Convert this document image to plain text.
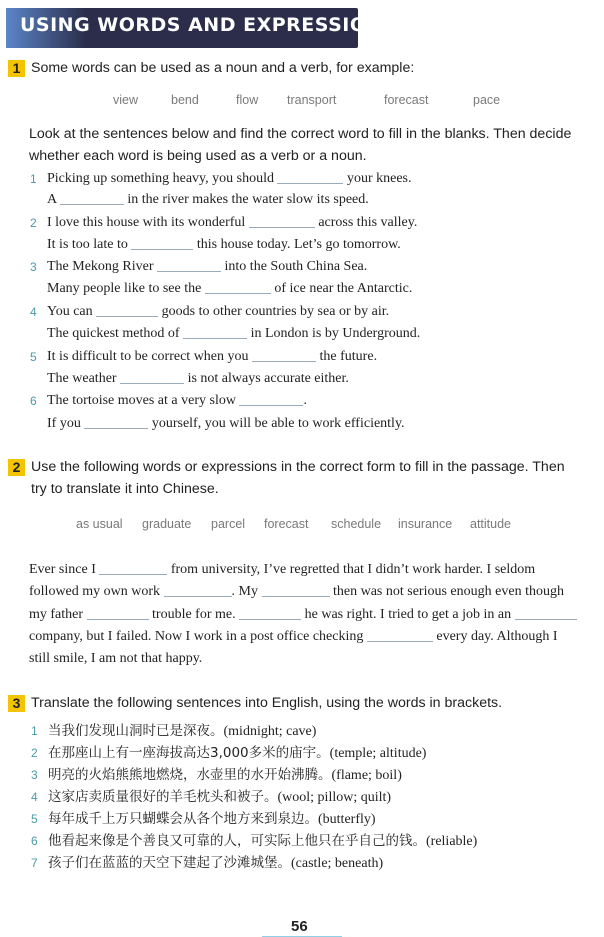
USING WORDS AND EXPRESSIONS
1 Some words can be used as a noun and a verb, for example:
view	bend	flow transport	forecast	pace
Look at the sentences below and find the correct word to fill in the blanks. Then decide
whether each word is being used as a verb or a noun.
1 Picking up something heavy, you should	your knees.
A	in the river makes the water slow its speed.
2 I love this house with its wonderful	across this valley.
It is too late to	this house today. Let’s go tomorrow.
3 The Mekong River	into the South China Sea.
Many people like to see the	of ice near the Antarctic.
4 You can	goods to other countries by sea or by air.
The quickest method of	in London is by Underground.
5 It is difficult to be correct when you	the future.
The weather	is not always accurate either.
6 The tortoise moves at a very slow	.
If you	yourself, you will be able to work efficiently.
2 Use the following words or expressions in the correct form to fill in the passage. Then
try to translate it into Chinese.
as usual graduate parcel forecast schedule insurance attitude
Ever since I	from university, I’ve regretted that I didn’t work harder. I seldom
followed my own work	. My	then was not serious enough even though
my father	trouble for me.	he was right. I tried to get a job in an
company, but I failed. Now I work in a post office checking	every day. Although I
still smile, I am not that happy.
3 Translate the following sentences into English, using the words in brackets.
1 当我们发现山洞时已是深夜。(midnight; cave)
2 在那座山上有一座海拔高达3,000多米的庙宇。(temple; altitude)
3 明亮的火焰熊熊地燃烧，水壶里的水开始沸腾。(flame; boil)
4 这家店卖质量很好的羊毛枕头和被子。(wool; pillow; quilt)
5 每年成千上万只蝴蝶会从各个地方来到泉边。(butterfly)
6 他看起来像是个善良又可靠的人，可实际上他只在乎自己的钱。(reliable)
7 孩子们在蓝蓝的天空下建起了沙滩城堡。(castle; beneath)
56
